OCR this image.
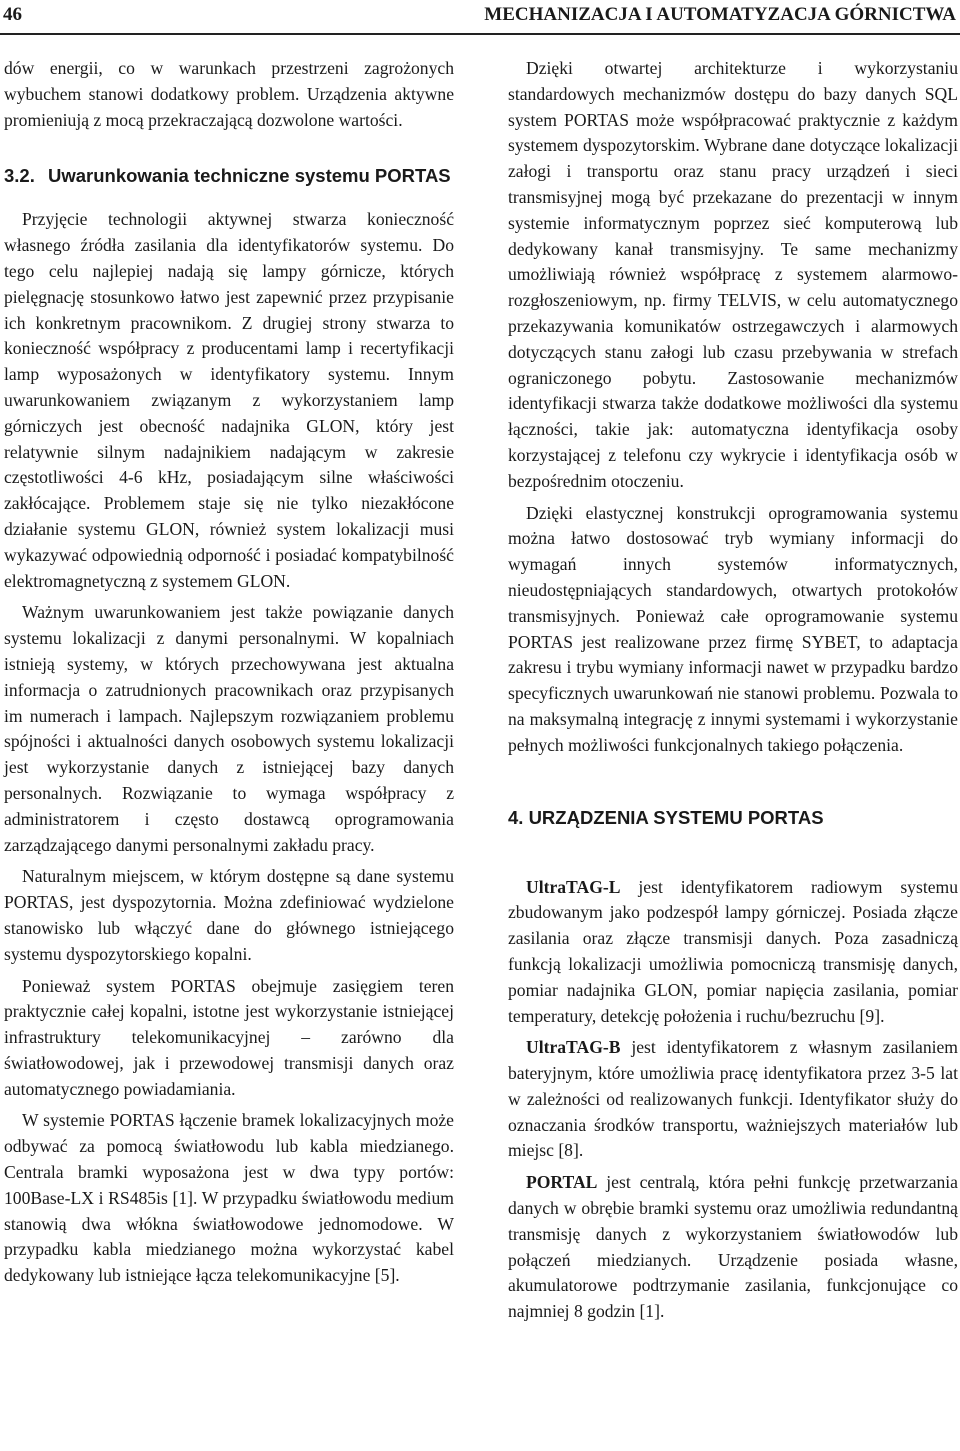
46	MECHANIZACJA I AUTOMATYZACJA GÓRNICTWA

dów energii, co w warunkach przestrzeni zagrożonych wybuchem stanowi dodatkowy problem. Urządzenia aktywne promieniują z mocą przekraczającą dozwolone wartości.

3.2. Uwarunkowania techniczne systemu PORTAS

Przyjęcie technologii aktywnej stwarza konieczność własnego źródła zasilania dla identyfikatorów systemu. Do tego celu najlepiej nadają się lampy górnicze, których pielęgnację stosunkowo łatwo jest zapewnić przez przypisanie ich konkretnym pracownikom. Z drugiej strony stwarza to konieczność współpracy z producentami lamp i recertyfikacji lamp wyposażonych w identyfikatory systemu. Innym uwarunkowaniem związanym z wykorzystaniem lamp górniczych jest obecność nadajnika GLON, który jest relatywnie silnym nadajnikiem nadającym w zakresie częstotliwości 4-6 kHz, posiadającym silne właściwości zakłócające. Problemem staje się nie tylko niezakłócone działanie systemu GLON, również system lokalizacji musi wykazywać odpowiednią odporność i posiadać kompatybilność elektromagnetyczną z systemem GLON.

Ważnym uwarunkowaniem jest także powiązanie danych systemu lokalizacji z danymi personalnymi. W kopalniach istnieją systemy, w których przechowywana jest aktualna informacja o zatrudnionych pracownikach oraz przypisanych im numerach i lampach. Najlepszym rozwiązaniem problemu spójności i aktualności danych osobowych systemu lokalizacji jest wykorzystanie danych z istniejącej bazy danych personalnych. Rozwiązanie to wymaga współpracy z administratorem i często dostawcą oprogramowania zarządzającego danymi personalnymi zakładu pracy.

Naturalnym miejscem, w którym dostępne są dane systemu PORTAS, jest dyspozytornia. Można zdefiniować wydzielone stanowisko lub włączyć dane do głównego istniejącego systemu dyspozytorskiego kopalni.

Ponieważ system PORTAS obejmuje zasięgiem teren praktycznie całej kopalni, istotne jest wykorzystanie istniejącej infrastruktury telekomunikacyjnej – zarówno dla światłowodowej, jak i przewodowej transmisji danych oraz automatycznego powiadamiania.

W systemie PORTAS łączenie bramek lokalizacyjnych może odbywać za pomocą światłowodu lub kabla miedzianego. Centrala bramki wyposażona jest w dwa typy portów: 100Base-LX i RS485is [1]. W przypadku światłowodu medium stanowią dwa włókna światłowodowe jednomodowe. W przypadku kabla miedzianego można wykorzystać kabel dedykowany lub istniejące łącza telekomunikacyjne [5].

Dzięki otwartej architekturze i wykorzystaniu standardowych mechanizmów dostępu do bazy danych SQL system PORTAS może współpracować praktycznie z każdym systemem dyspozytorskim. Wybrane dane dotyczące lokalizacji załogi i transportu oraz stanu pracy urządzeń i sieci transmisyjnej mogą być przekazane do prezentacji w innym systemie informatycznym poprzez sieć komputerową lub dedykowany kanał transmisyjny. Te same mechanizmy umożliwiają również współpracę z systemem alarmowo-rozgłoszeniowym, np. firmy TELVIS, w celu automatycznego przekazywania komunikatów ostrzegawczych i alarmowych dotyczących stanu załogi lub czasu przebywania w strefach ograniczonego pobytu. Zastosowanie mechanizmów identyfikacji stwarza także dodatkowe możliwości dla systemu łączności, takie jak: automatyczna identyfikacja osoby korzystającej z telefonu czy wykrycie i identyfikacja osób w bezpośrednim otoczeniu.

Dzięki elastycznej konstrukcji oprogramowania systemu można łatwo dostosować tryb wymiany informacji do wymagań innych systemów informatycznych, nieudostępniających standardowych, otwartych protokołów transmisyjnych. Ponieważ całe oprogramowanie systemu PORTAS jest realizowane przez firmę SYBET, to adaptacja zakresu i trybu wymiany informacji nawet w przypadku bardzo specyficznych uwarunkowań nie stanowi problemu. Pozwala to na maksymalną integrację z innymi systemami i wykorzystanie pełnych możliwości funkcjonalnych takiego połączenia.

4. URZĄDZENIA SYSTEMU PORTAS

UltraTAG-L jest identyfikatorem radiowym systemu zbudowanym jako podzespół lampy górniczej. Posiada złącze zasilania oraz złącze transmisji danych. Poza zasadniczą funkcją lokalizacji umożliwia pomocniczą transmisję danych, pomiar nadajnika GLON, pomiar napięcia zasilania, pomiar temperatury, detekcję położenia i ruchu/bezruchu [9].

UltraTAG-B jest identyfikatorem z własnym zasilaniem bateryjnym, które umożliwia pracę identyfikatora przez 3-5 lat w zależności od realizowanych funkcji. Identyfikator służy do oznaczania środków transportu, ważniejszych materiałów lub miejsc [8].

PORTAL jest centralą, która pełni funkcję przetwarzania danych w obrębie bramki systemu oraz umożliwia redundantną transmisję danych z wykorzystaniem światłowodów lub połączeń miedzianych. Urządzenie posiada własne, akumulatorowe podtrzymanie zasilania, funkcjonujące co najmniej 8 godzin [1].
